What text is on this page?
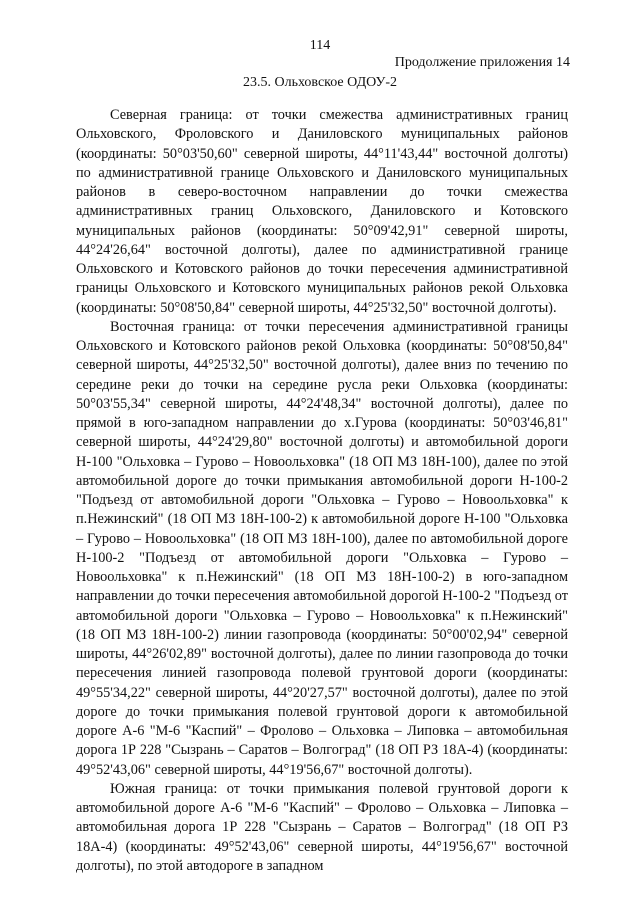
114
Продолжение приложения 14
23.5. Ольховское ОДОУ-2

Северная граница: от точки смежества административных границ Ольховского, Фроловского и Даниловского муниципальных районов (координаты: 50°03'50,60" северной широты, 44°11'43,44" восточной долготы) по административной границе Ольховского и Даниловского муниципальных районов в северо-восточном направлении до точки смежества административных границ Ольховского, Даниловского и Котовского муниципальных районов (координаты: 50°09'42,91" северной широты, 44°24'26,64" восточной долготы), далее по административной границе Ольховского и Котовского районов до точки пересечения административной границы Ольховского и Котовского муниципальных районов рекой Ольховка (координаты: 50°08'50,84" северной широты, 44°25'32,50" восточной долготы).

Восточная граница: от точки пересечения административной границы Ольховского и Котовского районов рекой Ольховка (координаты: 50°08'50,84" северной широты, 44°25'32,50" восточной долготы), далее вниз по течению по середине реки до точки на середине русла реки Ольховка (координаты: 50°03'55,34" северной широты, 44°24'48,34" восточной долготы), далее по прямой в юго-западном направлении до х.Гурова (координаты: 50°03'46,81" северной широты, 44°24'29,80" восточной долготы) и автомобильной дороги Н-100 "Ольховка – Гурово – Новоольховка" (18 ОП МЗ 18Н-100), далее по этой автомобильной дороге до точки примыкания автомобильной дороги Н-100-2 "Подъезд от автомобильной дороги "Ольховка – Гурово – Новоольховка" к п.Нежинский" (18 ОП МЗ 18Н-100-2) к автомобильной дороге Н-100 "Ольховка – Гурово – Новоольховка" (18 ОП МЗ 18Н-100), далее по автомобильной дороге Н-100-2 "Подъезд от автомобильной дороги "Ольховка – Гурово – Новоольховка" к п.Нежинский" (18 ОП МЗ 18Н-100-2) в юго-западном направлении до точки пересечения автомобильной дорогой Н-100-2 "Подъезд от автомобильной дороги "Ольховка – Гурово – Новоольховка" к п.Нежинский" (18 ОП МЗ 18Н-100-2) линии газопровода (координаты: 50°00'02,94" северной широты, 44°26'02,89" восточной долготы), далее по линии газопровода до точки пересечения линией газопровода полевой грунтовой дороги (координаты: 49°55'34,22" северной широты, 44°20'27,57" восточной долготы), далее по этой дороге до точки примыкания полевой грунтовой дороги к автомобильной дороге А-6 "М-6 "Каспий" – Фролово – Ольховка – Липовка – автомобильная дорога 1Р 228 "Сызрань – Саратов – Волгоград" (18 ОП РЗ 18А-4) (координаты: 49°52'43,06" северной широты, 44°19'56,67" восточной долготы).

Южная граница: от точки примыкания полевой грунтовой дороги к автомобильной дороге А-6 "М-6 "Каспий" – Фролово – Ольховка – Липовка – автомобильная дорога 1Р 228 "Сызрань – Саратов – Волгоград" (18 ОП РЗ 18А-4) (координаты: 49°52'43,06" северной широты, 44°19'56,67" восточной долготы), по этой автодороге в западном
